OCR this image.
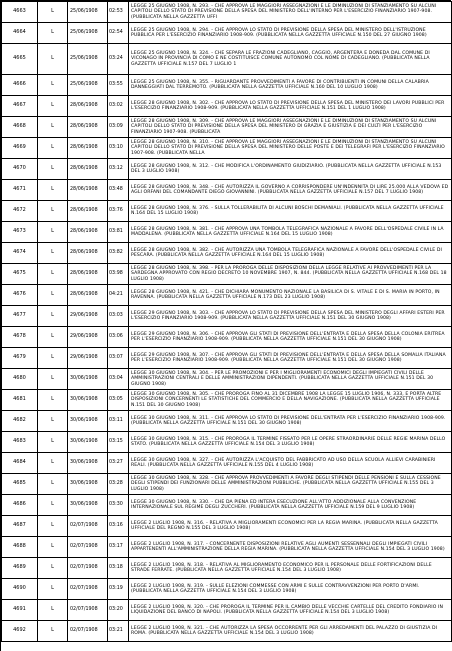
4663	L	25/06/1908	02:53	LEGGE 25 GIUGNO 1908, N. 293. - CHE APPROVA LE MAGGIORI ASSEGNAZIONI E LE DIMINUZIONI DI STANZIAMENTO SU ALCUNI CAPITOLI DELLO STATO DI PREVISIONE DELLA SPESA DEL MINISTERO DELL'INTERNO PER L'ESERCIZIO FINANZIARIO 1907-908. (PUBBLICATA NELLA GAZZETTA UFFI
4664	L	25/06/1908	02:54	LEGGE 25 GIUGNO 1908, N. 294. - CHE APPROVA LO STATO DI PREVISIONE DELLA SPESA DEL MINISTERO DELL'ISTRUZIONE PUBBLICA PER L'ESERCIZIO FINANZIARIO 1908-909. (PUBBLICATA NELLA GAZZETTA UFFICIALE N.150 DEL 27 GIUGNO 1908)
4665	L	25/06/1908	03:24	LEGGE 25 GIUGNO 1908, N. 324. - CHE SEPARA LE FRAZIONI CADEGLIANO, CAGGIO, ARGENTERA E DONEDA DAL COMUNE DI VICONAGO IN PROVINCIA DI COMO E NE COSTITUISCE COMUNE AUTONOMO COL NOME DI CADEGLIANO. (PUBBLICATA NELLA GAZZETTA UFFICIALE N.157 DEL 7 LUGLIO 1
4666	L	25/06/1908	03:55	LEGGE 25 GIUGNO 1908, N. 355. - RIGUARDANTE PROVVEDIMENTI A FAVORE DI CONTRIBUENTI IN COMUNI DELLA CALABRIA DANNEGGIATI DAL TERREMOTO. (PUBBLICATA NELLA GAZZETTA UFFICIALE N.160 DEL 10 LUGLIO 1908)
4667	L	28/06/1908	03:02	LEGGE 28 GIUGNO 1908, N. 302. - CHE APPROVA LO STATO DI PREVISIONE DELLA SPESA DEL MINISTERO DEI LAVORI PUBBLICI PER L'ESERCIZIO FINANZIARIO 1908-909. (PUBBLICATA NELLA GAZZETTA UFFICIALE N.151 DEL 1 LUGLIO 1908)
4668	L	28/06/1908	03:09	LEGGE 28 GIUGNO 1908, N. 309. - CHE APPROVA LE MAGGIORI ASSEGNAZIONI E LE DIMINUZIONI DI STANZIAMENTO SU ALCUNI CAPITOLI DELLO STATO DI PREVISIONE DELLA SPESA DEL MINISTERO DI GRAZIA E GIUSTIZIA E DEI CULTI PER L'ESERCIZIO FINANZIARIO 1907-908. (PUBBLICATA
4669	L	28/06/1908	03:10	LEGGE 28 GIUGNO 1908, N. 310. - CHE APPROVA LE MAGGIORI ASSEGNAZIONI E LE DIMINUZIONI DI STANZIAMENTO SU ALCUNI CAPITOLI DELLO STATO DI PREVISIONE DELLA SPESA DEL MINISTERO DELLE POSTE E DEI TELEGRAFI PER L'ESERCIZIO FINANZIARIO 1907-908. (PUBBLICATA NELLA
4670	L	28/06/1908	03:12	LEGGE 28 GIUGNO 1908, N. 312. - CHE MODIFICA L'ORDINAMENTO GIUDIZIARIO. (PUBBLICATA NELLA GAZZETTA UFFICIALE N.153 DEL 3 LUGLIO 1908)
4671	L	28/06/1908	03:48	LEGGE 28 GIUGNO 1908, N. 348. - CHE AUTORIZZA IL GOVERNO A CORRISPONDERE UN'INDENNITA DI LIRE 25.000 ALLA VEDOVA ED AGLI ORFANI DEL COMANDANTE DIEGO GIOVANNINI. (PUBBLICATA NELLA GAZZETTA UFFICIALE N.157 DEL 7 LUGLIO 1908)
4672	L	28/06/1908	03:76	LEGGE 28 GIUGNO 1908, N. 376. - SULLA TOLLERABILITA DI ALCUNI BOSCHI DEMANIALI. (PUBBLICATA NELLA GAZZETTA UFFICIALE N.164 DEL 15 LUGLIO 1908)
4673	L	28/06/1908	03:81	LEGGE 28 GIUGNO 1908, N. 381. - CHE APPROVA UNA TOMBOLA TELEGRAFICA NAZIONALE A FAVORE DELL'OSPEDALE CIVILE IN LA MADDALENA. (PUBBLICATA NELLA GAZZETTA UFFICIALE N.164 DEL 15 LUGLIO 1908)
4674	L	28/06/1908	03:82	LEGGE 28 GIUGNO 1908, N. 382. - CHE AUTORIZZA UNA TOMBOLA TELEGRAFICA NAZIONALE A FAVORE DELL'OSPEDALE CIVILE DI PESCARA. (PUBBLICATA NELLA GAZZETTA UFFICIALE N.164 DEL 15 LUGLIO 1908)
4675	L	28/06/1908	03:98	LEGGE 28 GIUGNO 1908, N. 398. - PER LA PROROGA DELLE DISPOSIZIONI DELLA LEGGE RELATIVE AI PROVVEDIMENTI PER LA SARDEGNA APPROVATO CON REGIO DECRETO 10 NOVEMBRE 1907, N. 844. (PUBBLICATA NELLA GAZZETTA UFFICIALE N.168 DEL 18 LUGLIO 1908)
4676	L	28/06/1908	04:21	LEGGE 28 GIUGNO 1908, N. 421. - CHE DICHIARA MONUMENTO NAZIONALE LA BASILICA DI S. VITALE E DI S. MARIA IN PORTO, IN RAVENNA. (PUBBLICATA NELLA GAZZETTA UFFICIALE N.173 DEL 23 LUGLIO 1908)
4677	L	29/06/1908	03:03	LEGGE 29 GIUGNO 1908, N. 303. - CHE APPROVA LO STATO DI PREVISIONE DELLA SPESA DEL MINISTERO DEGLI AFFARI ESTERI PER L'ESERCIZIO FINANZIARIO 1908-909. (PUBBLICATA NELLA GAZZETTA UFFICIALE N.151 DEL 30 GIUGNO 1908)
4678	L	29/06/1908	03:06	LEGGE 29 GIUGNO 1908, N. 306. - CHE APPROVA GLI STATI DI PREVISIONE DELL'ENTRATA E DELLA SPESA DELLA COLONIA ERITREA PER L'ESERCIZIO FINANZIARIO 1908-909. (PUBBLICATA NELLA GAZZETTA UFFICIALE N.151 DEL 30 GIUGNO 1908)
4679	L	29/06/1908	03:07	LEGGE 29 GIUGNO 1908, N. 307. - CHE APPROVA GLI STATI DI PREVISIONE DELL'ENTRATA E DELLA SPESA DELLA SOMALIA ITALIANA PER L'ESERCIZIO FINANZIARIO 1908-909. (PUBBLICATA NELLA GAZZETTA UFFICIALE N.151 DEL 30 GIUGNO 1908)
4680	L	30/06/1908	03:04	LEGGE 30 GIUGNO 1908, N. 304. - PER LE PROMOZIONI E PER I MIGLIORAMENTI ECONOMICI DEGLI IMPIEGATI CIVILI DELLE AMMINISTRAZIONI CENTRALI E DELLE AMMINISTRAZIONI DIPENDENTI. (PUBBLICATA NELLA GAZZETTA UFFICIALE N.151 DEL 30 GIUGNO 1908)
4681	L	30/06/1908	03:05	LEGGE 30 GIUGNO 1908, N. 305. - CHE PROROGA FINO AL 31 DICEMBRE 1908 LA LEGGE 15 LUGLIO 1906, N. 333, E PORTA ALTRE DISPOSIZIONI CONCERNENTI LE STATISTICHE DEL COMMERCIO E DELLA NAVIGAZIONE. (PUBBLICATA NELLA GAZZETTA UFFICIALE N.151 DEL 30 GIUGNO 1908)
4682	L	30/06/1908	03:11	LEGGE 30 GIUGNO 1908, N. 311. - CHE APPROVA LO STATO DI PREVISIONE DELL'ENTRATA PER L'ESERCIZIO FINANZIARIO 1908-909. (PUBBLICATA NELLA GAZZETTA UFFICIALE N.151 DEL 30 GIUGNO 1908)
4683	L	30/06/1908	03:15	LEGGE 30 GIUGNO 1908, N. 315. - CHE PROROGA IL TERMINE FISSATO PER LE OPERE STRAORDINARIE DELLE REGIE MARINA DELLO STATO. (PUBBLICATA NELLA GAZZETTA UFFICIALE N.154 DEL 3 LUGLIO 1908)
4684	L	30/06/1908	03:27	LEGGE 30 GIUGNO 1908, N. 327. - CHE AUTORIZZA L'ACQUISTO DEL FABBRICATO AD USO DELLA SCUOLA ALLIEVI CARABINIERI REALI. (PUBBLICATA NELLA GAZZETTA UFFICIALE N.155 DEL 4 LUGLIO 1908)
4685	L	30/06/1908	03:28	LEGGE 30 GIUGNO 1908, N. 328. - CHE APPROVA PROVVEDIMENTI A FAVORE DEGLI STIPENDI DELLE PENSIONI E SULLA CESSIONE DEGLI STIPENDI DEI FUNZIONARI DELLE AMMINISTRAZIONI PUBBLICHE. (PUBBLICATA NELLA GAZZETTA UFFICIALE N.155 DEL 3 LUGLIO 1908)
4686	L	30/06/1908	03:30	LEGGE 30 GIUGNO 1908, N. 330. - CHE DA PIENA ED INTERA ESECUZIONE ALL'ATTO ADDIZIONALE ALLA CONVENZIONE INTERNAZIONALE SUL REGIME DEGLI ZUCCHERI. (PUBBLICATA NELLA GAZZETTA UFFICIALE N.159 DEL 9 LUGLIO 1908)
4687	L	02/07/1908	03:16	LEGGE 2 LUGLIO 1908, N. 316. - RELATIVA A MIGLIORAMENTI ECONOMICI PER LA REGIA MARINA. (PUBBLICATA NELLA GAZZETTA UFFICIALE DEL REGNO N.155 DEL 3 LUGLIO 1908)
4688	L	02/07/1908	03:17	LEGGE 2 LUGLIO 1908, N. 317. - CONCERNENTE DISPOSIZIONI RELATIVE AGLI AUMENTI SESSENNALI DEGLI IMPIEGATI CIVILI APPARTENENTI ALL'AMMINISTRAZIONE DELLA REGIA MARINA. (PUBBLICATA NELLA GAZZETTA UFFICIALE N.154 DEL 3 LUGLIO 1908)
4689	L	02/07/1908	03:18	LEGGE 2 LUGLIO 1908, N. 318. - RELATIVA AL MIGLIORAMENTO ECONOMICO PER IL PERSONALE DELLE FORTIFICAZIONI DELLE STRADE FERRATE. (PUBBLICATA NELLA GAZZETTA UFFICIALE N.154 DEL 3 LUGLIO 1908)
4690	L	02/07/1908	03:19	LEGGE 2 LUGLIO 1908, N. 319. - SULLE ELEZIONI COMMESSE CON ARMI E SULLE CONTRAVVENZIONI PER PORTO D'ARMI. (PUBBLICATA NELLA GAZZETTA UFFICIALE N.154 DEL 3 LUGLIO 1908)
4691	L	02/07/1908	03:20	LEGGE 2 LUGLIO 1908, N. 320. - CHE PROROGA IL TERMINE PER IL CAMBIO DELLE VECCHIE CARTELLE DEL CREDITO FONDIARIO IN LIQUIDAZIONE DEL BANCO DI NAPOLI. (PUBBLICATA NELLA GAZZETTA UFFICIALE N.154 DEL 3 LUGLIO 1908)
4692	L	02/07/1908	03:21	LEGGE 2 LUGLIO 1908, N. 321. - CHE AUTORIZZA LA SPESA OCCORRENTE PER GLI ARREDAMENTI DEL PALAZZO DI GIUSTIZIA DI ROMA. (PUBBLICATA NELLA GAZZETTA UFFICIALE N.154 DEL 3 LUGLIO 1908)
